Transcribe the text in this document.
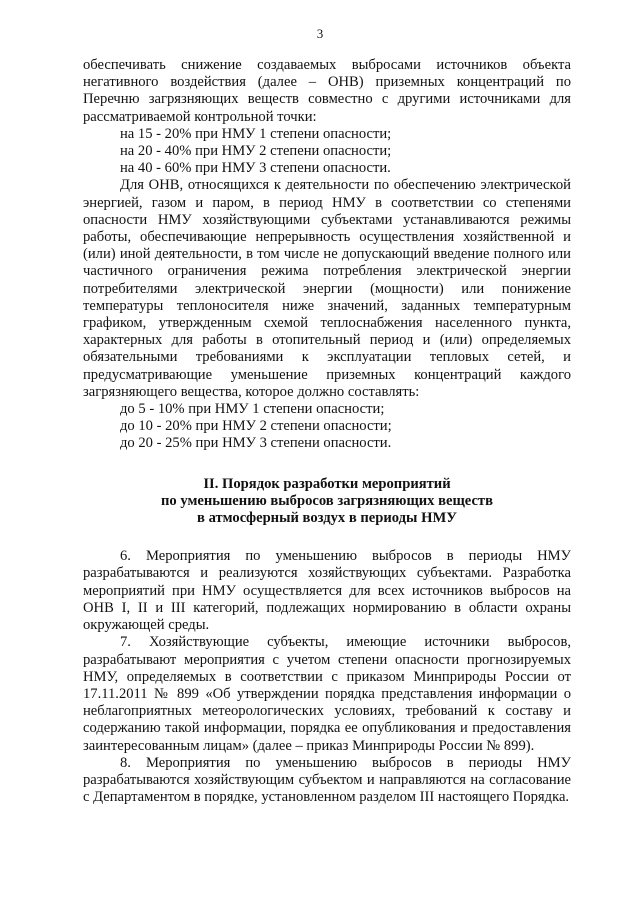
3

обеспечивать снижение создаваемых выбросами источников объекта негативного воздействия (далее – ОНВ) приземных концентраций по Перечню загрязняющих веществ совместно с другими источниками для рассматриваемой контрольной точки:

на 15 - 20% при НМУ 1 степени опасности;

на 20 - 40% при НМУ 2 степени опасности;

на 40 - 60% при НМУ 3 степени опасности.

Для ОНВ, относящихся к деятельности по обеспечению электрической энергией, газом и паром, в период НМУ в соответствии со степенями опасности НМУ хозяйствующими субъектами устанавливаются режимы работы, обеспечивающие непрерывность осуществления хозяйственной и (или) иной деятельности, в том числе не допускающий введение полного или частичного ограничения режима потребления электрической энергии потребителями электрической энергии (мощности) или понижение температуры теплоносителя ниже значений, заданных температурным графиком, утвержденным схемой теплоснабжения населенного пункта, характерных для работы в отопительный период и (или) определяемых обязательными требованиями к эксплуатации тепловых сетей, и предусматривающие уменьшение приземных концентраций каждого загрязняющего вещества, которое должно составлять:

до 5 - 10% при НМУ 1 степени опасности;

до 10 - 20% при НМУ 2 степени опасности;

до 20 - 25% при НМУ 3 степени опасности.

II. Порядок разработки мероприятий

по уменьшению выбросов загрязняющих веществ

в атмосферный воздух в периоды НМУ

6. Мероприятия по уменьшению выбросов в периоды НМУ разрабатываются и реализуются хозяйствующих субъектами. Разработка мероприятий при НМУ осуществляется для всех источников выбросов на ОНВ I, II и III категорий, подлежащих нормированию в области охраны окружающей среды.

7. Хозяйствующие субъекты, имеющие источники выбросов, разрабатывают мероприятия с учетом степени опасности прогнозируемых НМУ, определяемых в соответствии с приказом Минприроды России от 17.11.2011 № 899 «Об утверждении порядка представления информации о неблагоприятных метеорологических условиях, требований к составу и содержанию такой информации, порядка ее опубликования и предоставления заинтересованным лицам» (далее – приказ Минприроды России № 899).

8. Мероприятия по уменьшению выбросов в периоды НМУ разрабатываются хозяйствующим субъектом и направляются на согласование с Департаментом в порядке, установленном разделом III настоящего Порядка.
